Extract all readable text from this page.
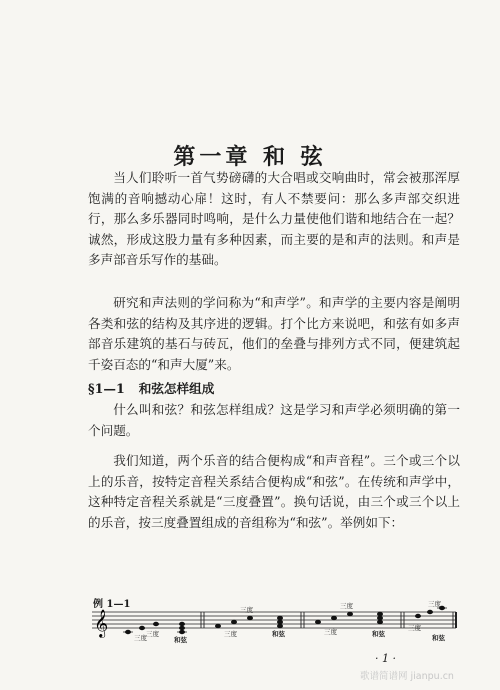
第一章 和 弦

当人们聆听一首气势磅礴的大合唱或交响曲时，常会被那浑厚饱满的音响撼动心扉！这时，有人不禁要问：那么多声部交织进行，那么多乐器同时鸣响，是什么力量使他们谐和地结合在一起？诚然，形成这股力量有多种因素，而主要的是和声的法则。和声是多声部音乐写作的基础。

研究和声法则的学问称为“和声学”。和声学的主要内容是阐明各类和弦的结构及其序进的逻辑。打个比方来说吧，和弦有如多声部音乐建筑的基石与砖瓦，他们的垒叠与排列方式不同，便建筑起千姿百态的“和声大厦”来。

§1—1 和弦怎样组成

什么叫和弦？和弦怎样组成？这是学习和声学必须明确的第一个问题。

我们知道，两个乐音的结合便构成“和声音程”。三个或三个以上的乐音，按特定音程关系结合便构成“和弦”。在传统和声学中，这种特定音程关系就是“三度叠置”。换句话说，由三个或三个以上的乐音，按三度叠置组成的音组称为“和弦”。举例如下：

例 1—1
𝄞
三度 三度
和弦
三度
三度
和弦	三度
三度
和弦
三度
三度
和弦
· 1 ·
歌谱简谱网 jianpu.cn
